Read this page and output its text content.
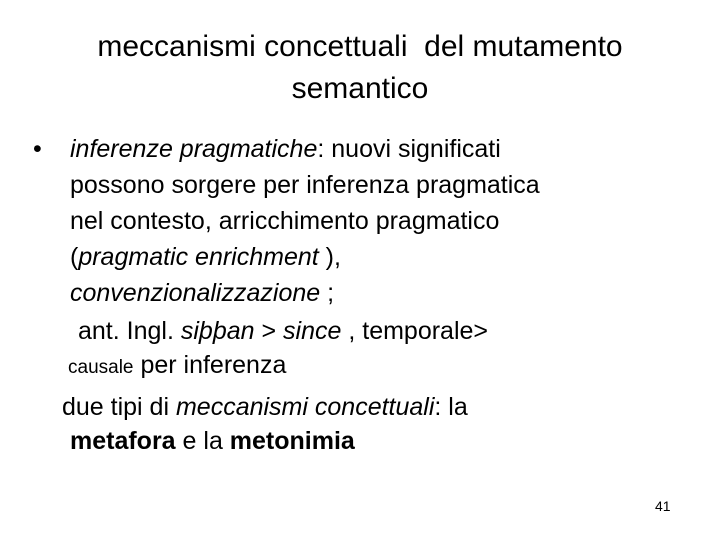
meccanismi concettuali  del mutamento
semantico
• inferenze pragmatiche: nuovi significati
possono sorgere per inferenza pragmatica
nel contesto, arricchimento pragmatico
(pragmatic enrichment ),
convenzionalizzazione ;
ant. Ingl. siþþan > since , temporale>
causale per inferenza
due tipi di meccanismi concettuali: la
metafora e la metonimia
41
